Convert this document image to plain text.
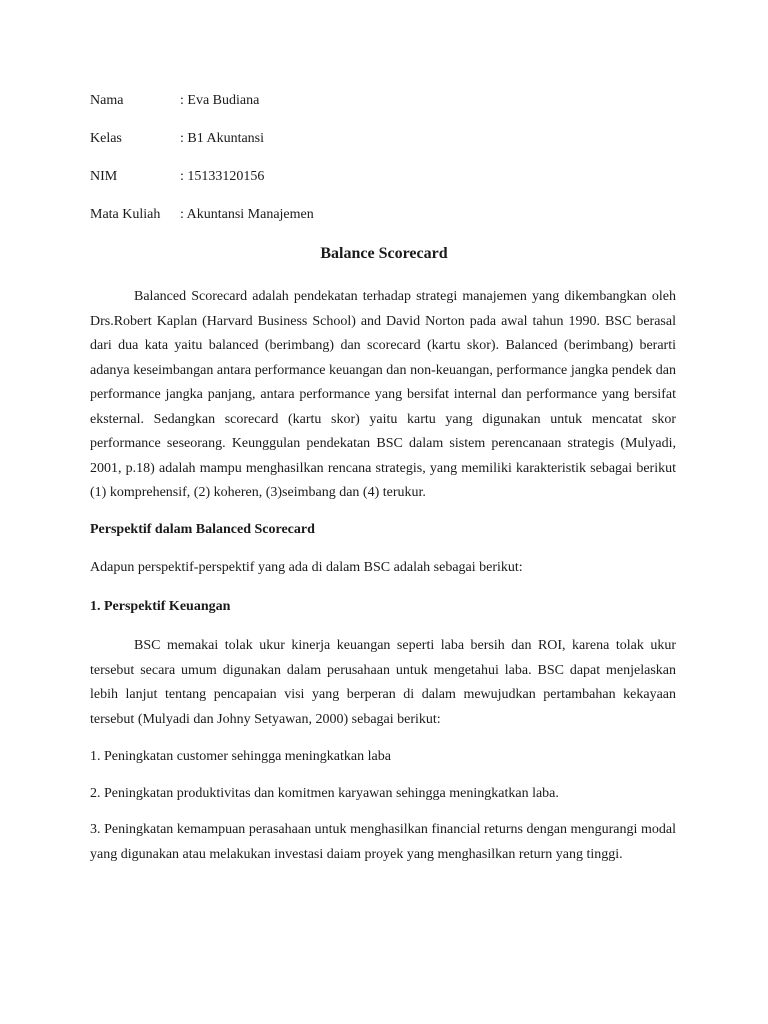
Nama	: Eva Budiana
Kelas	: B1 Akuntansi
NIM	: 15133120156
Mata Kuliah : Akuntansi Manajemen
Balance Scorecard

Balanced Scorecard adalah pendekatan terhadap strategi manajemen yang dikembangkan oleh Drs.Robert Kaplan (Harvard Business School) and David Norton pada awal tahun 1990. BSC berasal dari dua kata yaitu balanced (berimbang) dan scorecard (kartu skor). Balanced (berimbang) berarti adanya keseimbangan antara performance keuangan dan non-keuangan, performance jangka pendek dan performance jangka panjang, antara performance yang bersifat internal dan performance yang bersifat eksternal. Sedangkan scorecard (kartu skor) yaitu kartu yang digunakan untuk mencatat skor performance seseorang. Keunggulan pendekatan BSC dalam sistem perencanaan strategis (Mulyadi, 2001, p.18) adalah mampu menghasilkan rencana strategis, yang memiliki karakteristik sebagai berikut (1) komprehensif, (2) koheren, (3)seimbang dan (4) terukur.

Perspektif dalam Balanced Scorecard

Adapun perspektif-perspektif yang ada di dalam BSC adalah sebagai berikut:

1. Perspektif Keuangan

BSC memakai tolak ukur kinerja keuangan seperti laba bersih dan ROI, karena tolak ukur tersebut secara umum digunakan dalam perusahaan untuk mengetahui laba. BSC dapat menjelaskan lebih lanjut tentang pencapaian visi yang berperan di dalam mewujudkan pertambahan kekayaan tersebut (Mulyadi dan Johny Setyawan, 2000) sebagai berikut:

1. Peningkatan customer sehingga meningkatkan laba

2. Peningkatan produktivitas dan komitmen karyawan sehingga meningkatkan laba.

3. Peningkatan kemampuan perasahaan untuk menghasilkan financial returns dengan mengurangi modal yang digunakan atau melakukan investasi daiam proyek yang menghasilkan return yang tinggi.
